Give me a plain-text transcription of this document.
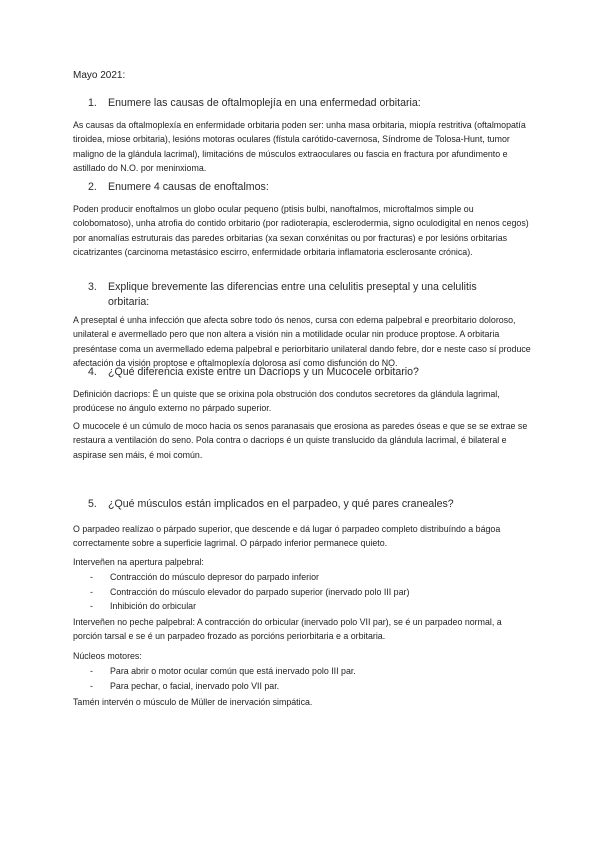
Mayo 2021:
1. Enumere las causas de oftalmoplejía en una enfermedad orbitaria:
As causas da oftalmoplexía en enfermidade orbitaria poden ser: unha masa orbitaria, miopía restritiva (oftalmopatía tiroidea, miose orbitaria), lesións motoras oculares (fístula carótido-cavernosa, Síndrome de Tolosa-Hunt, tumor maligno de la glándula lacrimal), limitacións de músculos extraoculares ou fascia en fractura por afundimento e astillado do N.O. por meninxioma.
2. Enumere 4 causas de enoftalmos:
Poden producir enoftalmos un globo ocular pequeno (ptisis bulbi, nanoftalmos, microftalmos simple ou colobomatoso), unha atrofia do contido orbitario (por radioterapia, esclerodermia, signo oculodigital en nenos cegos) por anomalías estruturais das paredes orbitarias (xa sexan conxénitas ou por fracturas) e por lesións orbitarias cicatrizantes (carcinoma metastásico escirro, enfermidade orbitaria inflamatoria esclerosante crónica).
3. Explique brevemente las diferencias entre una celulitis preseptal y una celulitis orbitaria:
A preseptal é unha infección que afecta sobre todo ós nenos, cursa con edema palpebral e preorbitario doloroso, unilateral e avermellado pero que non altera a visión nin a motilidade ocular nin produce proptose. A orbitaria preséntase coma un avermellado edema palpebral e periorbitario unilateral dando febre, dor e neste caso sí produce afectación da visión proptose e oftalmoplexía dolorosa así como disfunción do NO.
4. ¿Qué diferencia existe entre un Dacriops y un Mucocele orbitario?
Definición dacriops: É un quiste que se orixina pola obstrución dos condutos secretores da glándula lagrimal, prodúcese no ángulo externo no párpado superior.
O mucocele é un cúmulo de moco hacia os senos paranasais que erosiona as paredes óseas e que se se extrae se restaura a ventilación do seno. Pola contra o dacriops é un quiste translucido da glándula lacrimal, é bilateral e aspirase sen máis, é moi común.
5. ¿Qué músculos están implicados en el parpadeo, y qué pares craneales?
O parpadeo realízao o párpado superior, que descende e dá lugar ó parpadeo completo distribuíndo a bágoa correctamente sobre a superficie lagrimal. O párpado inferior permanece quieto.
Interveñen na apertura palpebral:
- Contracción do músculo depresor do parpado inferior
- Contracción do músculo elevador do parpado superior (inervado polo III par)
- Inhibición do orbicular
Interveñen no peche palpebral: A contracción do orbicular (inervado polo VII par), se é un parpadeo normal, a porción tarsal e se é un parpadeo frozado as porcións periorbitaria e a orbitaria.
Núcleos motores:
- Para abrir o motor ocular común que está inervado polo III par.
- Para pechar, o facial, inervado polo VII par.
Tamén intervén o músculo de Müller de inervación simpática.
